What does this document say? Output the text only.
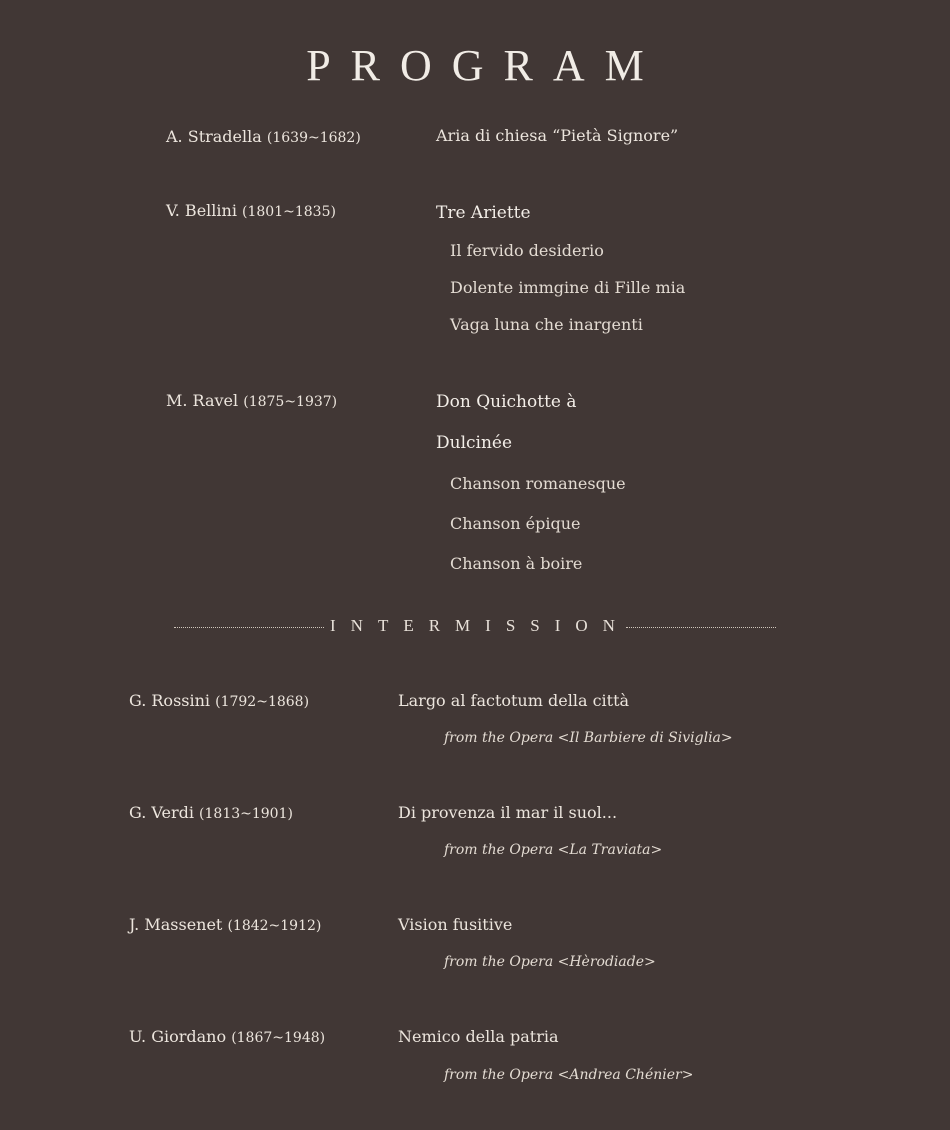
PROGRAM
A. Stradella (1639~1682)	Aria di chiesa “Pietà Signore”
V. Bellini (1801~1835)	Tre Ariette
Il fervido desiderio
Dolente immgine di Fille mia
Vaga luna che inargenti
M. Ravel (1875~1937)	Don Quichotte à
Dulcinée
Chanson romanesque
Chanson épique
Chanson à boire
INTERMISSION
G. Rossini (1792~1868)	Largo al factotum della città
from the Opera <Il Barbiere di Siviglia>
G. Verdi (1813~1901)	Di provenza il mar il suol...
from the Opera <La Traviata>
J. Massenet (1842~1912)	Vision fusitive
from the Opera <Hèrodiade>
U. Giordano (1867~1948)	Nemico della patria
from the Opera <Andrea Chénier>
